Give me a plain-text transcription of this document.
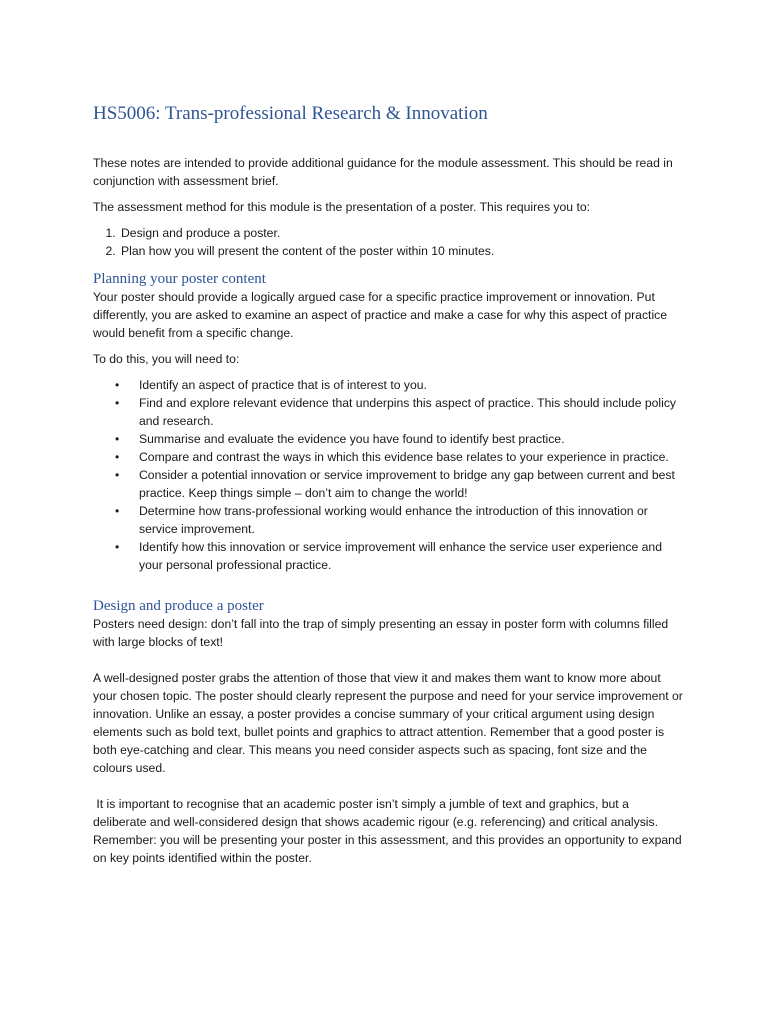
HS5006: Trans-professional Research & Innovation

These notes are intended to provide additional guidance for the module assessment. This should be read in conjunction with assessment brief.

The assessment method for this module is the presentation of a poster. This requires you to:

1. Design and produce a poster.
2. Plan how you will present the content of the poster within 10 minutes.
Planning your poster content

Your poster should provide a logically argued case for a specific practice improvement or innovation. Put differently, you are asked to examine an aspect of practice and make a case for why this aspect of practice would benefit from a specific change.

To do this, you will need to:

• Identify an aspect of practice that is of interest to you.
• Find and explore relevant evidence that underpins this aspect of practice. This should include policy and research.
• Summarise and evaluate the evidence you have found to identify best practice.
• Compare and contrast the ways in which this evidence base relates to your experience in practice.
• Consider a potential innovation or service improvement to bridge any gap between current and best practice. Keep things simple – don’t aim to change the world!
• Determine how trans-professional working would enhance the introduction of this innovation or service improvement.
• Identify how this innovation or service improvement will enhance the service user experience and your personal professional practice.
Design and produce a poster

Posters need design: don’t fall into the trap of simply presenting an essay in poster form with columns filled with large blocks of text!

A well-designed poster grabs the attention of those that view it and makes them want to know more about your chosen topic. The poster should clearly represent the purpose and need for your service improvement or innovation. Unlike an essay, a poster provides a concise summary of your critical argument using design elements such as bold text, bullet points and graphics to attract attention. Remember that a good poster is both eye-catching and clear. This means you need consider aspects such as spacing, font size and the colours used.

It is important to recognise that an academic poster isn’t simply a jumble of text and graphics, but a deliberate and well-considered design that shows academic rigour (e.g. referencing) and critical analysis. Remember: you will be presenting your poster in this assessment, and this provides an opportunity to expand on key points identified within the poster.
